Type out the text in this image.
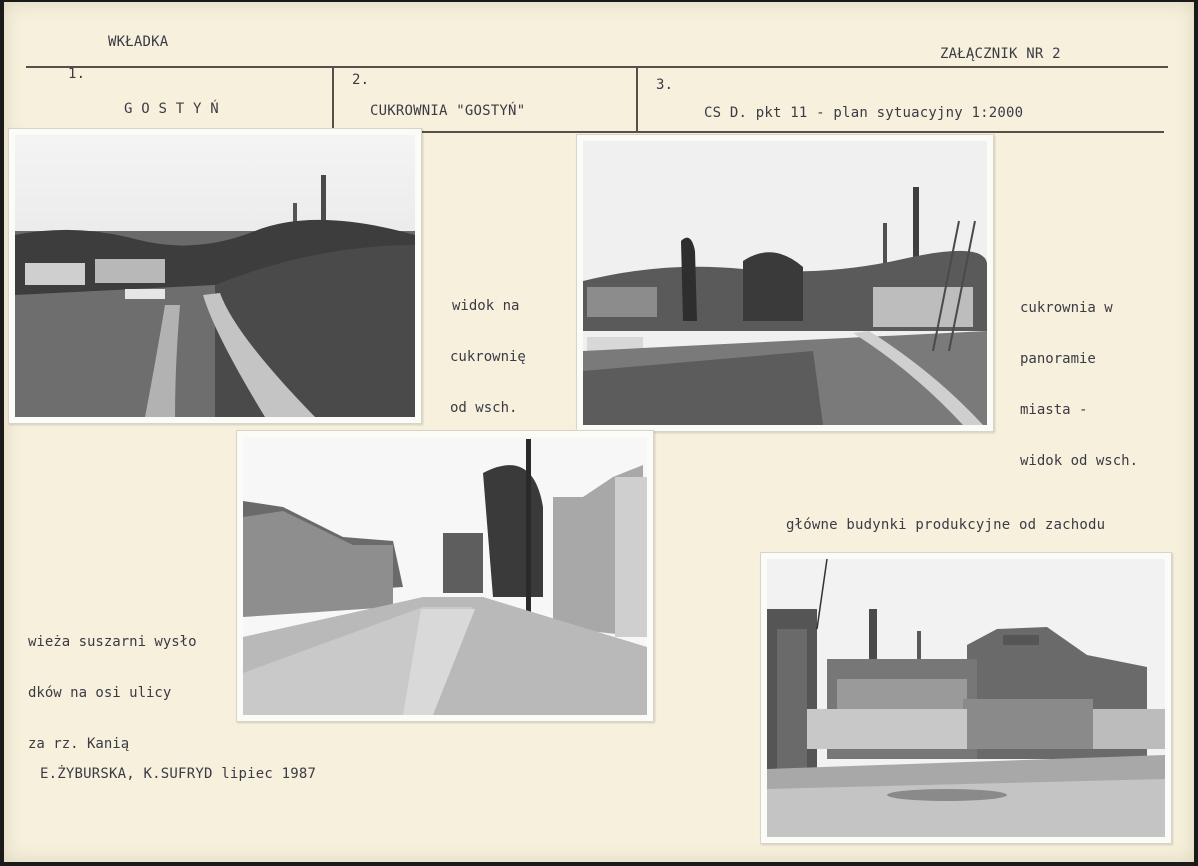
WKŁADKA
ZAŁĄCZNIK NR 2
1.
G O S T Y Ń
2.
CUKROWNIA "GOSTYŃ"
3.
CS D. pkt 11 - plan sytuacyjny 1:2000

widok na

cukrownię

od wsch.

cukrownia w

panoramie

miasta -

widok od wsch.

wieża suszarni wysło

dków na osi ulicy

za rz. Kanią

główne budynki produkcyjne od zachodu
E.ŻYBURSKA, K.SUFRYD lipiec 1987
